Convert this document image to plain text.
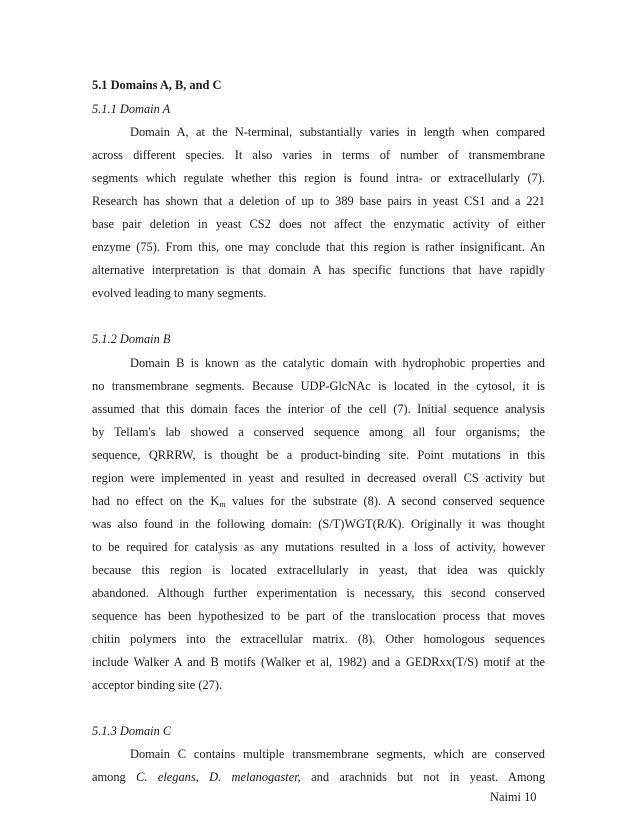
5.1 Domains A, B, and C
5.1.1 Domain A
Domain A, at the N-terminal, substantially varies in length when compared
across different species. It also varies in terms of number of transmembrane
segments which regulate whether this region is found intra- or extracellularly (7).
Research has shown that a deletion of up to 389 base pairs in yeast CS1 and a 221
base pair deletion in yeast CS2 does not affect the enzymatic activity of either
enzyme (75). From this, one may conclude that this region is rather insignificant. An
alternative interpretation is that domain A has specific functions that have rapidly
evolved leading to many segments.
5.1.2 Domain B
Domain B is known as the catalytic domain with hydrophobic properties and
no transmembrane segments. Because UDP-GlcNAc is located in the cytosol, it is
assumed that this domain faces the interior of the cell (7). Initial sequence analysis
by Tellam's lab showed a conserved sequence among all four organisms; the
sequence, QRRRW, is thought be a product-binding site. Point mutations in this
region were implemented in yeast and resulted in decreased overall CS activity but
had no effect on the $K_m$ values for the substrate (8). A second conserved sequence
was also found in the following domain: (S/T)WGT(R/K). Originally it was thought
to be required for catalysis as any mutations resulted in a loss of activity, however
because this region is located extracellularly in yeast, that idea was quickly
abandoned. Although further experimentation is necessary, this second conserved
sequence has been hypothesized to be part of the translocation process that moves
chitin polymers into the extracellular matrix. (8). Other homologous sequences
include Walker A and B motifs (Walker et al, 1982) and a GEDRxx(T/S) motif at the
acceptor binding site (27).
5.1.3 Domain C
Domain C contains multiple transmembrane segments, which are conserved
among C. elegans, D. melanogaster, and arachnids but not in yeast. Among
Naimi 10
